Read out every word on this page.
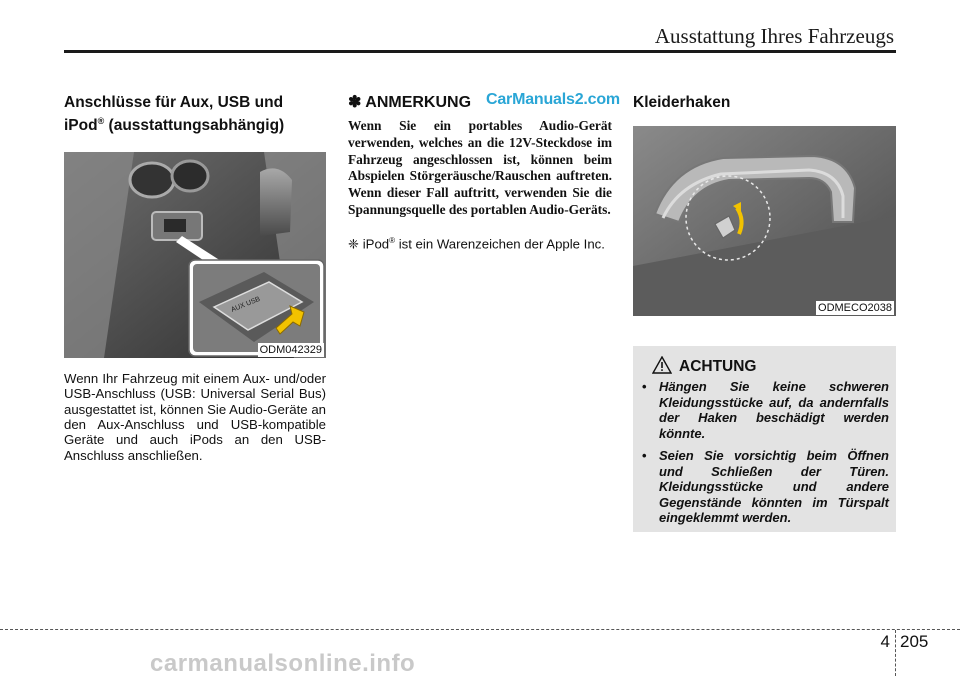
Ausstattung Ihres Fahrzeugs
Anschlüsse für Aux, USB und
iPod® (ausstattungsabhängig)
AUX USB
ODM042329

Wenn Ihr Fahrzeug mit einem Aux- und/oder USB-Anschluss (USB: Universal Serial Bus) ausgestattet ist, können Sie Audio-Geräte an den Aux-Anschluss und USB-kompatible Geräte und auch iPods an den USB-Anschluss anschließen.

✽ ANMERKUNG CarManuals2.com

Wenn Sie ein portables Audio-Gerät verwenden, welches an die 12V-Steckdose im Fahrzeug angeschlossen ist, können beim Abspielen Störgeräusche/Rauschen auftreten. Wenn dieser Fall auftritt, verwenden Sie die Spannungsquelle des portablen Audio-Geräts.

❈ iPod® ist ein Warenzeichen der Apple Inc.

Kleiderhaken
ODMECO2038
ACHTUNG
• Hängen Sie keine schweren Kleidungsstücke auf, da andernfalls der Haken beschädigt werden könnte.
• Seien Sie vorsichtig beim Öffnen und Schließen der Türen. Kleidungsstücke und andere Gegenstände könnten im Türspalt eingeklemmt werden.
4 205
carmanualsonline.info
